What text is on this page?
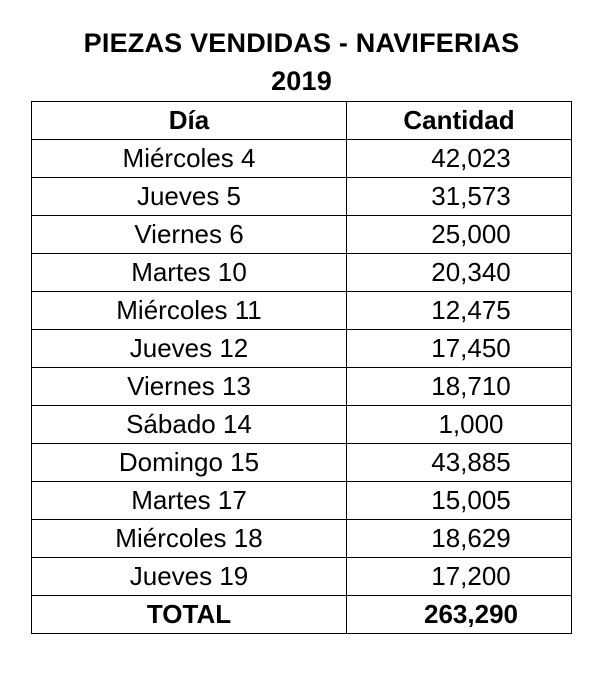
PIEZAS VENDIDAS - NAVIFERIAS
2019
Día	Cantidad
Miércoles 4	42,023
Jueves 5	31,573
Viernes 6	25,000
Martes 10	20,340
Miércoles 11	12,475
Jueves 12	17,450
Viernes 13	18,710
Sábado 14	1,000
Domingo 15	43,885
Martes 17	15,005
Miércoles 18	18,629
Jueves 19	17,200
TOTAL	263,290
